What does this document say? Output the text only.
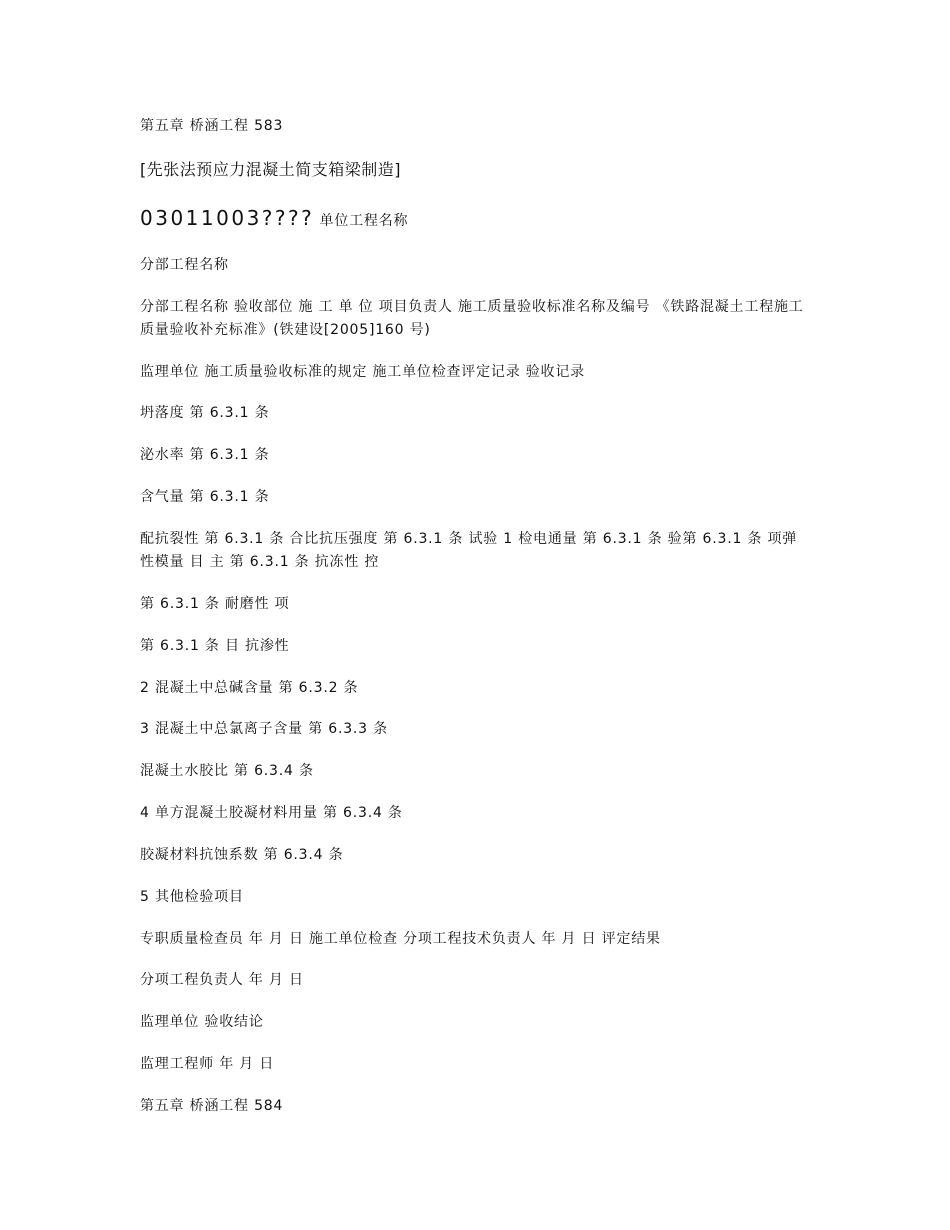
第五章 桥涵工程 583
[先张法预应力混凝土简支箱梁制造]
03011003???? 单位工程名称
分部工程名称
分部工程名称 验收部位 施 工 单 位 项目负责人 施工质量验收标准名称及编号 《铁路混凝土工程施工质量验收补充标准》(铁建设[2005]160 号)
监理单位 施工质量验收标准的规定 施工单位检查评定记录 验收记录
坍落度 第 6.3.1 条
泌水率 第 6.3.1 条
含气量 第 6.3.1 条
配抗裂性 第 6.3.1 条 合比抗压强度 第 6.3.1 条 试验 1 检电通量 第 6.3.1 条 验第 6.3.1 条 项弹性模量 目 主 第 6.3.1 条 抗冻性 控
第 6.3.1 条 耐磨性 项
第 6.3.1 条 目 抗渗性
2 混凝土中总碱含量 第 6.3.2 条
3 混凝土中总氯离子含量 第 6.3.3 条
混凝土水胶比 第 6.3.4 条
4 单方混凝土胶凝材料用量 第 6.3.4 条
胶凝材料抗蚀系数 第 6.3.4 条
5 其他检验项目
专职质量检查员 年 月 日 施工单位检查 分项工程技术负责人 年 月 日 评定结果
分项工程负责人 年 月 日
监理单位 验收结论
监理工程师 年 月 日
第五章 桥涵工程 584
